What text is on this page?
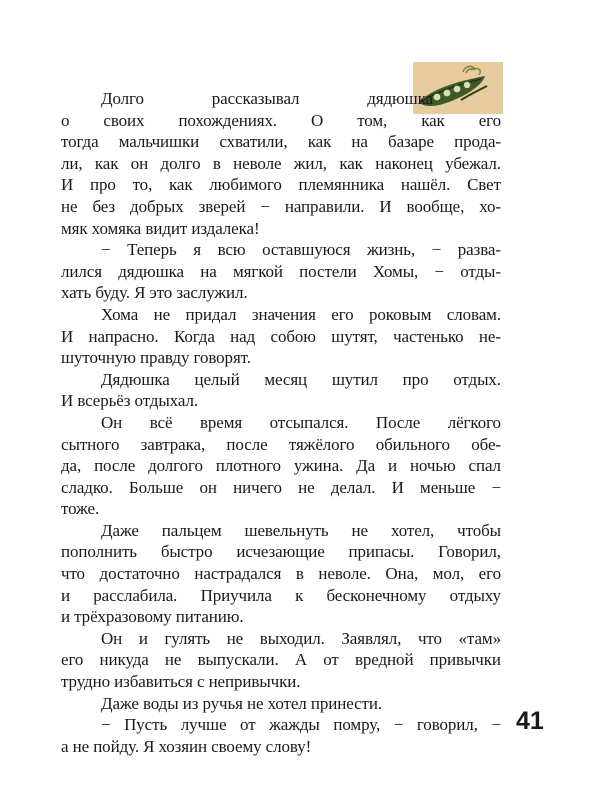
Долго	рассказывал	дядюшка
о своих похождениях. О том, как его
тогда мальчишки схватили, как на базаре прода-
ли, как он долго в неволе жил, как наконец убежал.
И про то, как любимого племянника нашёл. Свет
не без добрых зверей − направили. И вообще, хо-
мяк хомяка видит издалека!
− Теперь я всю оставшуюся жизнь, − разва-
лился дядюшка на мягкой постели Хомы, − отды-
хать буду. Я это заслужил.
Хома не придал значения его роковым словам.
И напрасно. Когда над собою шутят, частенько не-
шуточную правду говорят.
Дядюшка целый месяц шутил про отдых.
И всерьёз отдыхал.
Он всё время отсыпался. После лёгкого
сытного завтрака, после тяжёлого обильного обе-
да, после долгого плотного ужина. Да и ночью спал
сладко. Больше он ничего не делал. И меньше −
тоже.
Даже пальцем шевельнуть не хотел, чтобы
пополнить быстро исчезающие припасы. Говорил,
что достаточно настрадался в неволе. Она, мол, его
и расслабила. Приучила к бесконечному отдыху
и трёхразовому питанию.
Он и гулять не выходил. Заявлял, что «там»
его никуда не выпускали. А от вредной привычки
трудно избавиться с непривычки.
Даже воды из ручья не хотел принести.
− Пусть лучше от жажды помру, − говорил, −
а не пойду. Я хозяин своему слову!
41
